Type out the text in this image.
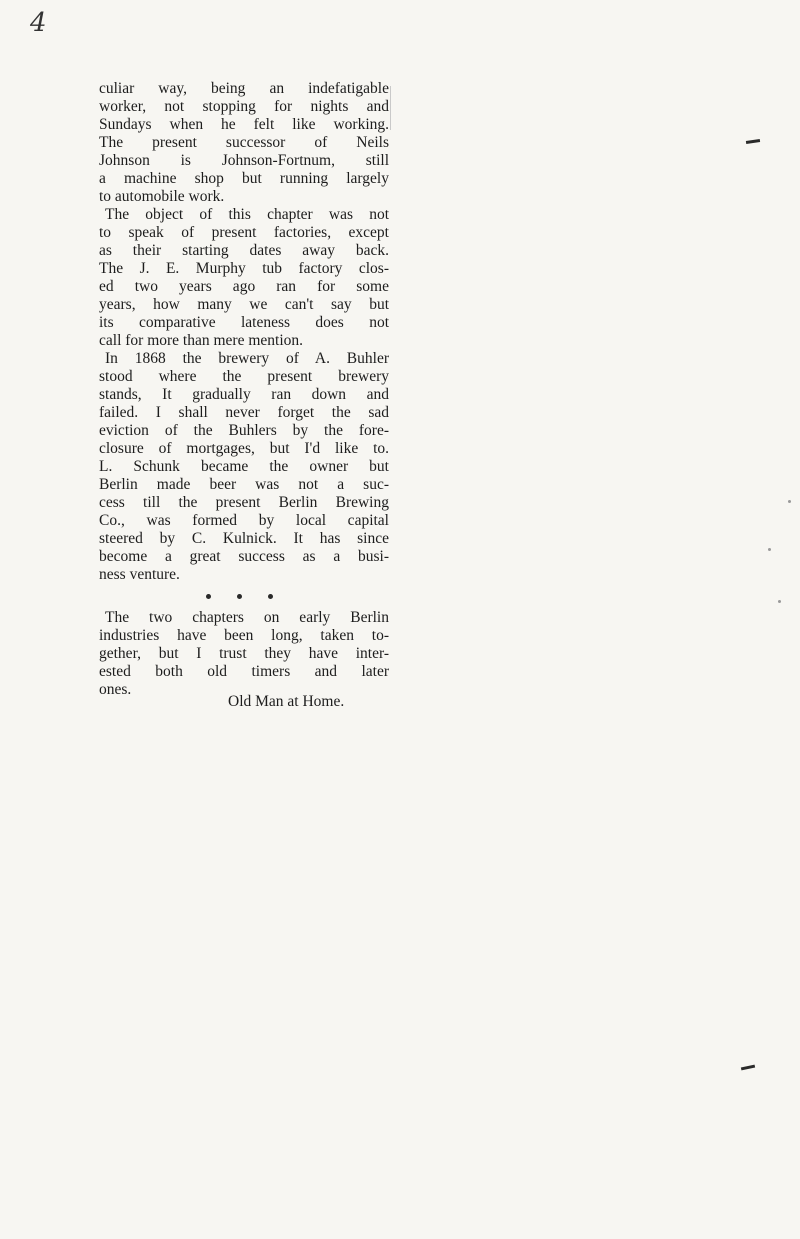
4
culiar way, being an indefatigable
worker, not stopping for nights and
Sundays when he felt like working.
The present successor of Neils
Johnson is Johnson-Fortnum, still
a machine shop but running largely
to automobile work.
The object of this chapter was not
to speak of present factories, except
as their starting dates away back.
The J. E. Murphy tub factory clos-
ed two years ago ran for some
years, how many we can't say but
its comparative lateness does not
call for more than mere mention.
In 1868 the brewery of A. Buhler
stood where the present brewery
stands, It gradually ran down and
failed. I shall never forget the sad
eviction of the Buhlers by the fore-
closure of mortgages, but I'd like to.
L. Schunk became the owner but
Berlin made beer was not a suc-
cess till the present Berlin Brewing
Co., was formed by local capital
steered by C. Kulnick. It has since
become a great success as a busi-
ness venture.
The two chapters on early Berlin
industries have been long, taken to-
gether, but I trust they have inter-
ested both old timers and later
ones.
Old Man at Home.
